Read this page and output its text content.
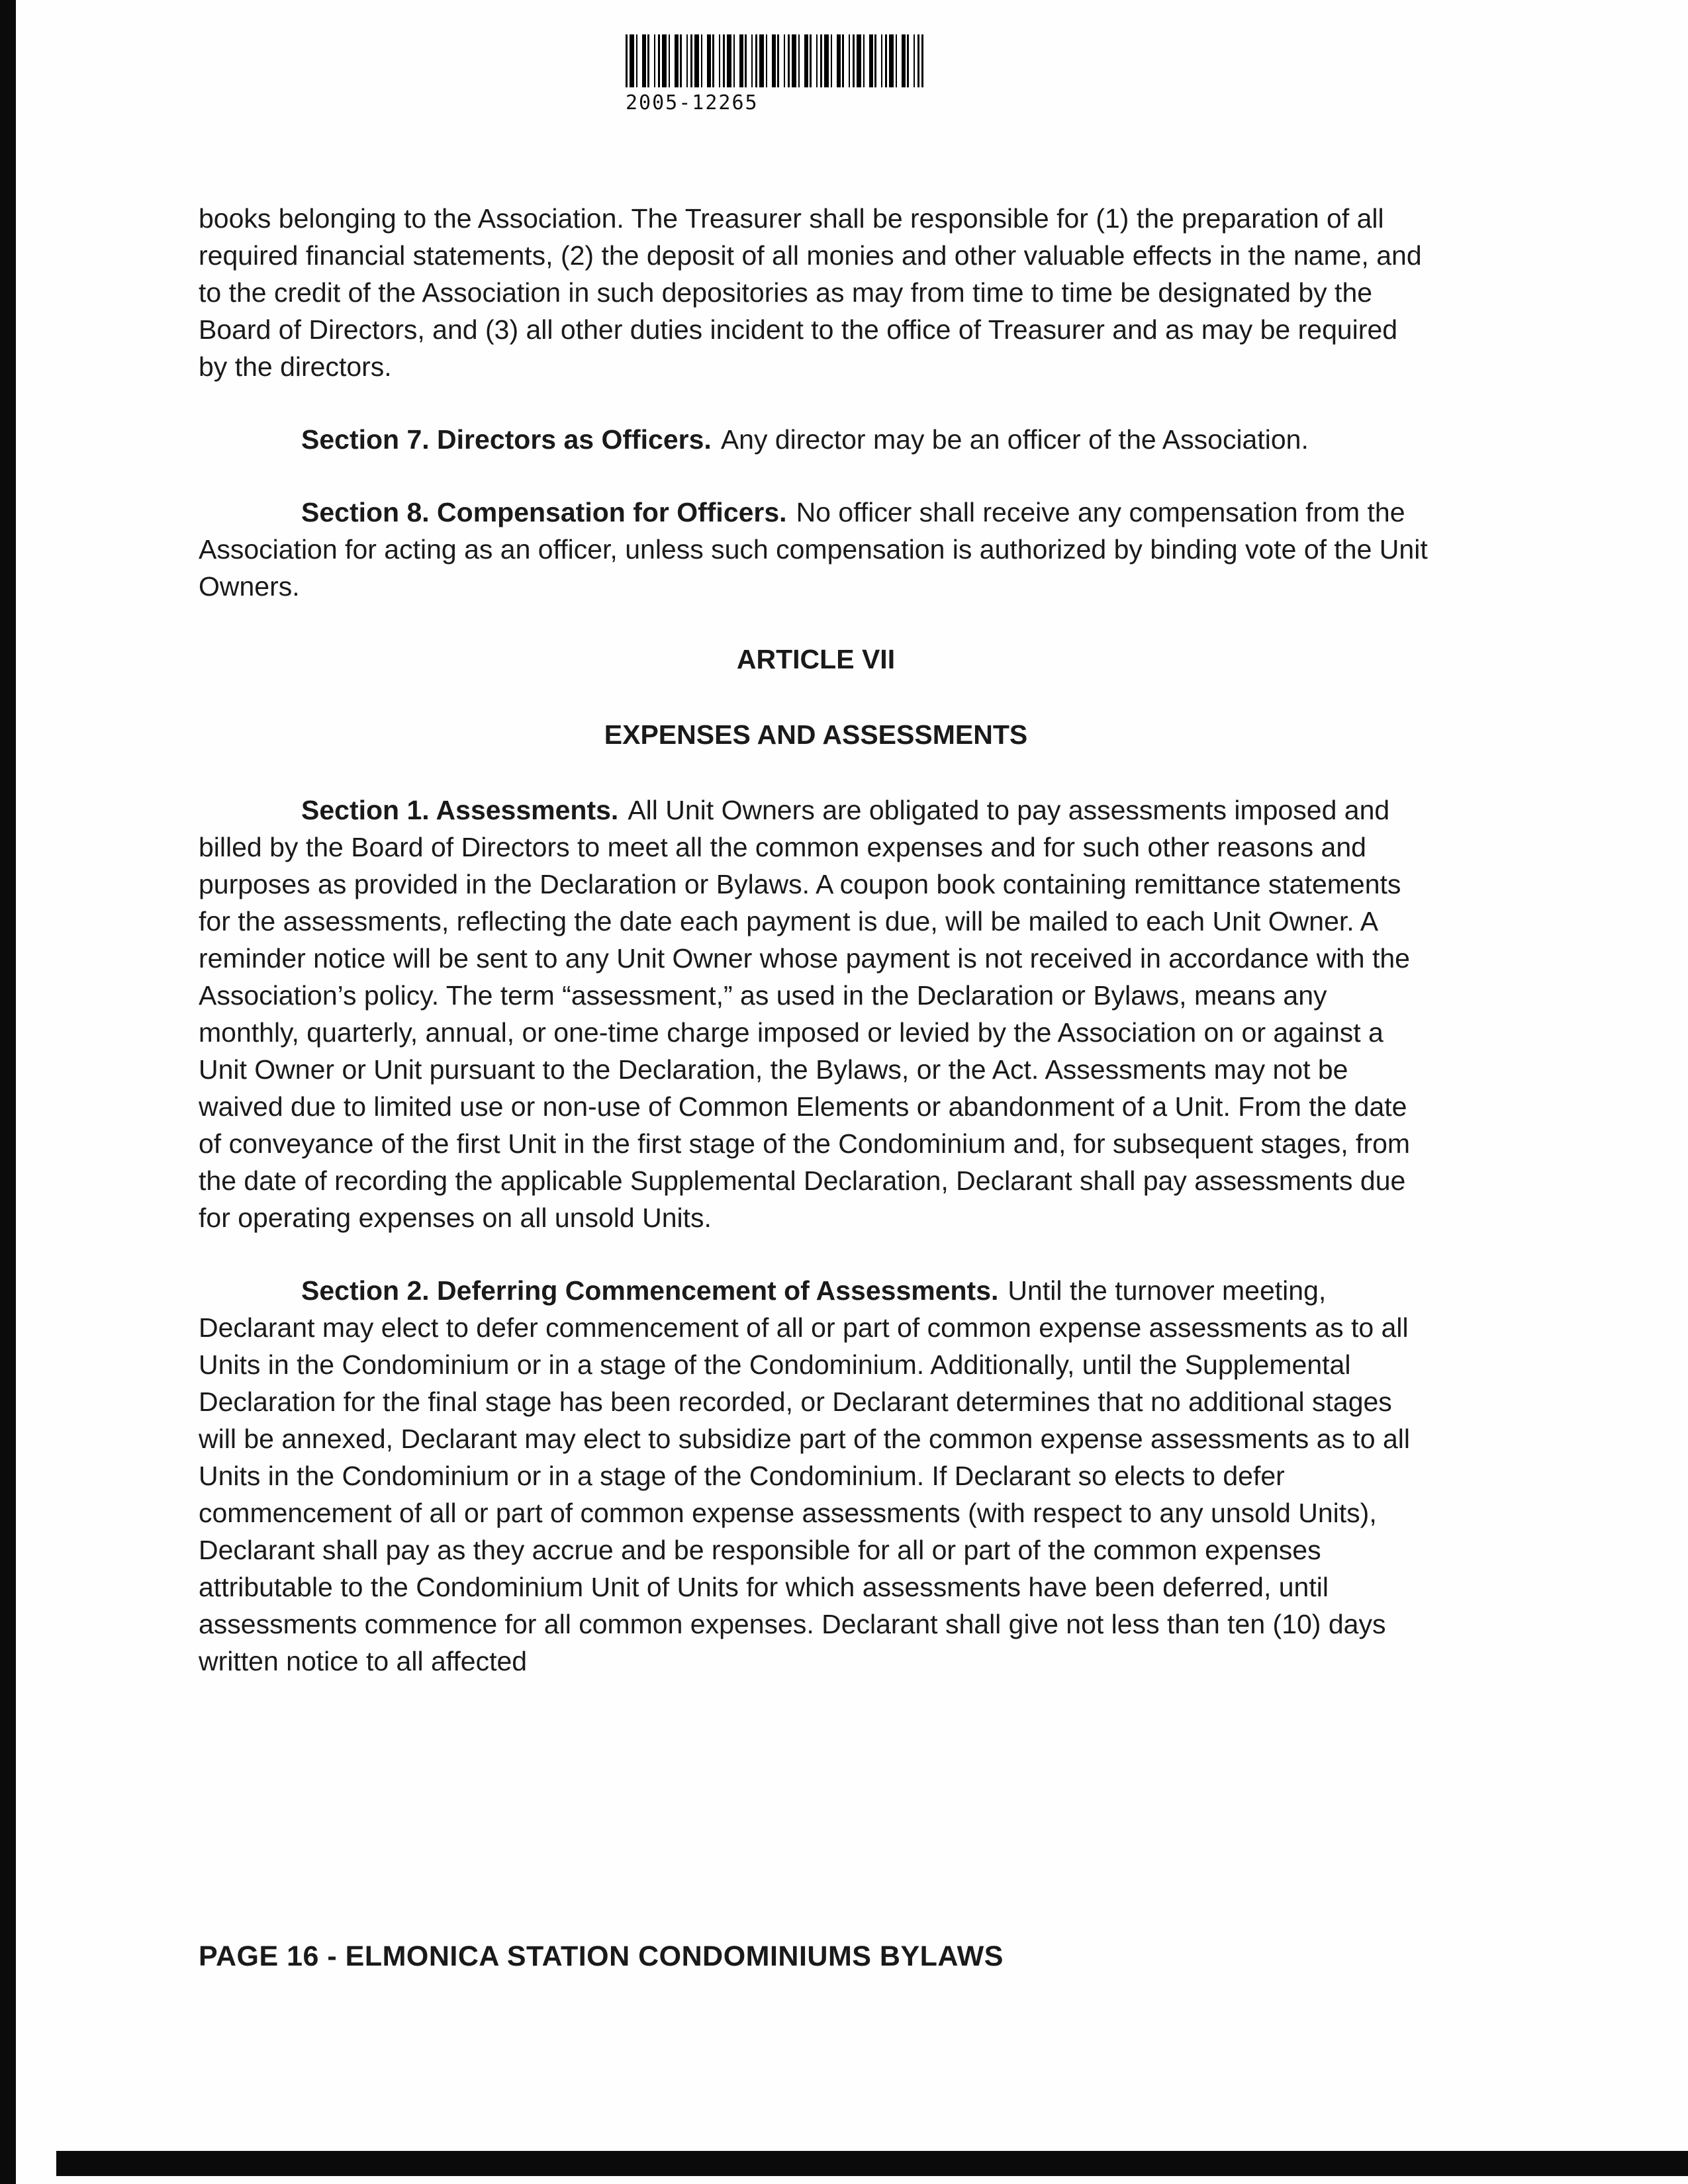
2005-12265

books belonging to the Association. The Treasurer shall be responsible for (1) the preparation of all required financial statements, (2) the deposit of all monies and other valuable effects in the name, and to the credit of the Association in such depositories as may from time to time be designated by the Board of Directors, and (3) all other duties incident to the office of Treasurer and as may be required by the directors.

Section 7. Directors as Officers. Any director may be an officer of the Association.

Section 8. Compensation for Officers. No officer shall receive any compensation from the Association for acting as an officer, unless such compensation is authorized by binding vote of the Unit Owners.

ARTICLE VII
EXPENSES AND ASSESSMENTS

Section 1. Assessments. All Unit Owners are obligated to pay assessments imposed and billed by the Board of Directors to meet all the common expenses and for such other reasons and purposes as provided in the Declaration or Bylaws. A coupon book containing remittance statements for the assessments, reflecting the date each payment is due, will be mailed to each Unit Owner. A reminder notice will be sent to any Unit Owner whose payment is not received in accordance with the Association’s policy. The term “assessment,” as used in the Declaration or Bylaws, means any monthly, quarterly, annual, or one-time charge imposed or levied by the Association on or against a Unit Owner or Unit pursuant to the Declaration, the Bylaws, or the Act. Assessments may not be waived due to limited use or non-use of Common Elements or abandonment of a Unit. From the date of conveyance of the first Unit in the first stage of the Condominium and, for subsequent stages, from the date of recording the applicable Supplemental Declaration, Declarant shall pay assessments due for operating expenses on all unsold Units.

Section 2. Deferring Commencement of Assessments. Until the turnover meeting, Declarant may elect to defer commencement of all or part of common expense assessments as to all Units in the Condominium or in a stage of the Condominium. Additionally, until the Supplemental Declaration for the final stage has been recorded, or Declarant determines that no additional stages will be annexed, Declarant may elect to subsidize part of the common expense assessments as to all Units in the Condominium or in a stage of the Condominium. If Declarant so elects to defer commencement of all or part of common expense assessments (with respect to any unsold Units), Declarant shall pay as they accrue and be responsible for all or part of the common expenses attributable to the Condominium Unit of Units for which assessments have been deferred, until assessments commence for all common expenses. Declarant shall give not less than ten (10) days written notice to all affected

PAGE 16 - ELMONICA STATION CONDOMINIUMS BYLAWS
